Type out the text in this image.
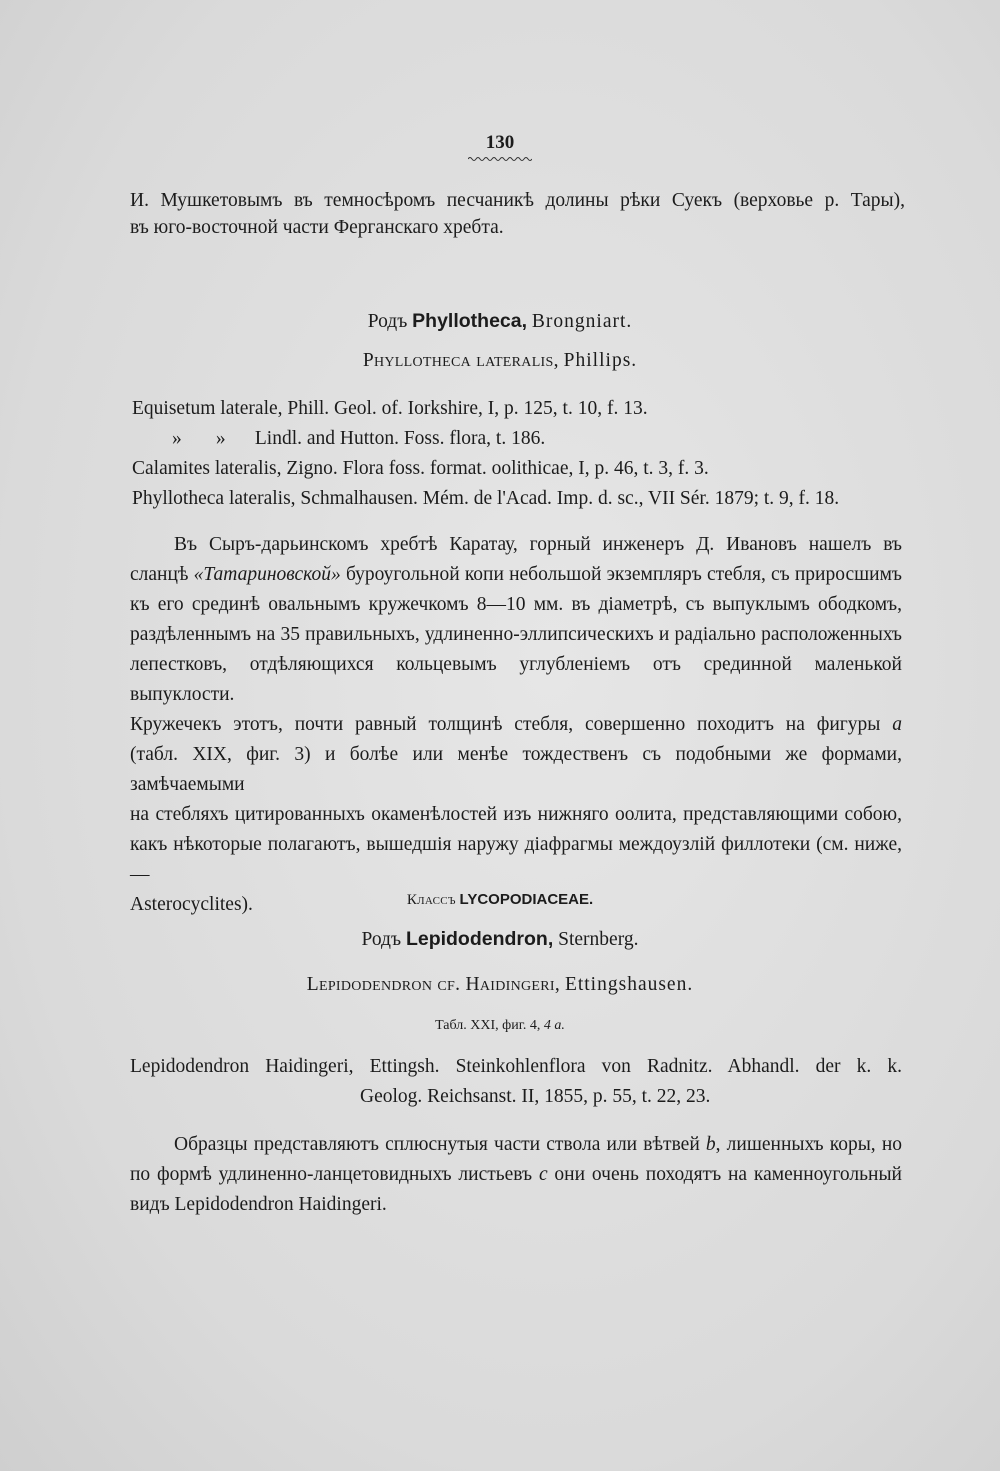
130
И. Мушкетовымъ въ темносѣромъ песчаникѣ долины рѣки Суекъ (верховье р. Тары),
въ юго-восточной части Ферганскаго хребта.
Родъ Phyllotheca, Brongniart.
Phyllotheca lateralis, Phillips.
Equisetum laterale, Phill. Geol. of. Iorkshire, I, p. 125, t. 10, f. 13.
»       »      Lindl. and Hutton. Foss. flora, t. 186.
Calamites lateralis, Zigno. Flora foss. format. oolithicae, I, p. 46, t. 3, f. 3.
Phyllotheca lateralis, Schmalhausen. Mém. de l'Acad. Imp. d. sc., VII Sér. 1879; t. 9, f. 18.
Въ Сыръ-дарьинскомъ хребтѣ Каратау, горный инженеръ Д. Ивановъ нашелъ въ
сланцѣ «Татариновской» буроугольной копи небольшой экземпляръ стебля, съ приросшимъ
къ его срединѣ овальнымъ кружечкомъ 8—10 мм. въ діаметрѣ, съ выпуклымъ ободкомъ,
раздѣленнымъ на 35 правильныхъ, удлиненно-эллипсическихъ и радіально расположенныхъ
лепестковъ, отдѣляющихся кольцевымъ углубленіемъ отъ срединной маленькой выпуклости.
Кружечекъ этотъ, почти равный толщинѣ стебля, совершенно походитъ на фигуры a
(табл. XIX, фиг. 3) и болѣе или менѣе тождественъ съ подобными же формами, замѣчаемыми
на стебляхъ цитированныхъ окаменѣлостей изъ нижняго оолита, представляющими собою,
какъ нѣкоторые полагаютъ, вышедшія наружу діафрагмы междоузлій филлотеки (см. ниже,—
Asterocyclites).	Классъ LYCOPODIACEAE.
Родъ Lepidodendron, Sternberg.
Lepidodendron cf. Haidingeri, Ettingshausen.
Табл. XXI, фиг. 4, 4 a.
Lepidodendron Haidingeri, Ettingsh. Steinkohlenflora von Radnitz. Abhandl. der k. k.
Geolog. Reichsanst. II, 1855, p. 55, t. 22, 23.
Образцы представляютъ сплюснутыя части ствола или вѣтвей b, лишенныхъ коры, но
по формѣ удлиненно-ланцетовидныхъ листьевъ c они очень походятъ на каменноугольный
видъ Lepidodendron Haidingeri.
